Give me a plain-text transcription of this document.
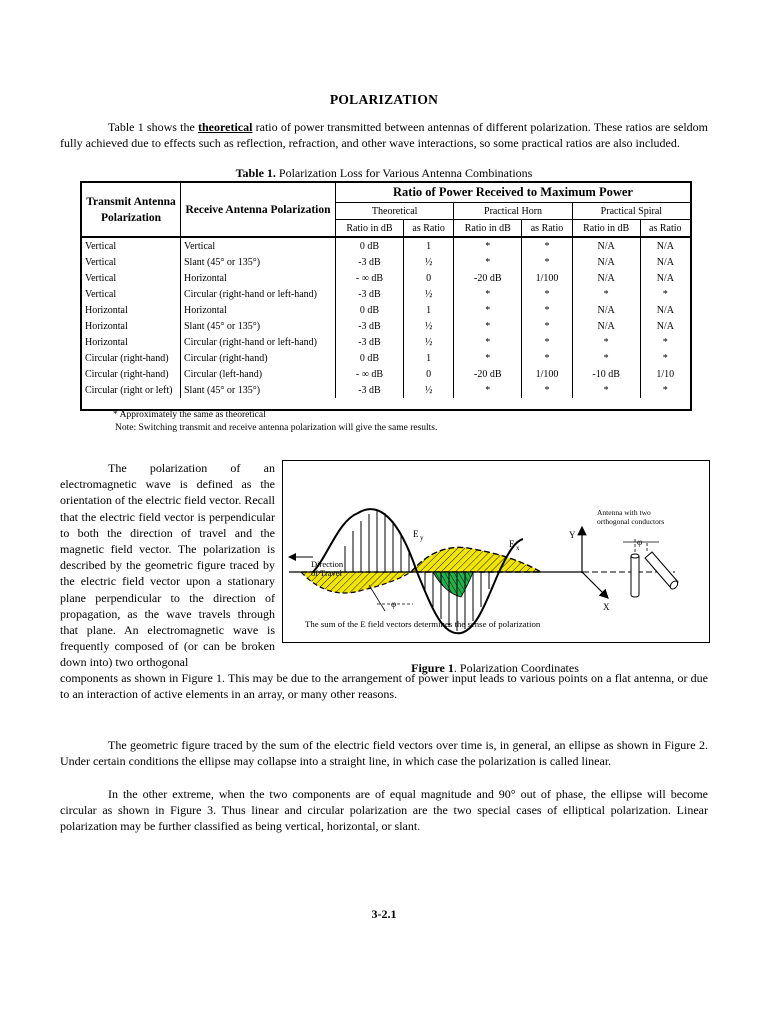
POLARIZATION

Table 1 shows the theoretical ratio of power transmitted between antennas of different polarization. These ratios are seldom fully achieved due to effects such as reflection, refraction, and other wave interactions, so some practical ratios are also included.

Table 1. Polarization Loss for Various Antenna Combinations
Transmit Antenna Polarization	Receive Antenna Polarization	Ratio of Power Received to Maximum Power					
		Theoretical		Practical Horn		Practical Spiral	
		Ratio in dB	as Ratio	Ratio in dB	as Ratio	Ratio in dB	as Ratio
Vertical	Vertical	0 dB	1	*	*	N/A	N/A
Vertical	Slant (45° or 135°)	-3 dB	½	*	*	N/A	N/A
Vertical	Horizontal	- ∞ dB	0	-20 dB	1/100	N/A	N/A
Vertical	Circular (right-hand or left-hand)	-3 dB	½	*	*	*	*
Horizontal	Horizontal	0 dB	1	*	*	N/A	N/A
Horizontal	Slant (45° or 135°)	-3 dB	½	*	*	N/A	N/A
Horizontal	Circular (right-hand or left-hand)	-3 dB	½	*	*	*	*
Circular (right-hand)	Circular (right-hand)	0 dB	1	*	*	*	*
Circular (right-hand)	Circular (left-hand)	- ∞ dB	0	-20 dB	1/100	-10 dB	1/10
Circular (right or left)	Slant (45° or 135°)	-3 dB	½	*	*	*	*
* Approximately the same as theoretical
Note: Switching transmit and receive antenna polarization will give the same results.

The polarization of an electromagnetic wave is defined as the orientation of the electric field vector. Recall that the electric field vector is perpendicular to both the direction of travel and the magnetic field vector. The polarization is described by the geometric figure traced by the electric field vector upon a stationary plane perpendicular to the direction of propagation, as the wave travels through that plane. An electromagnetic wave is frequently composed of (or can be broken down into) two orthogonal

Direction
of Travel
E y
E x
φ
Y
X
Antenna with two
orthogonal conductors
φ
The sum of the E field vectors determines the sense of polarization
Figure 1. Polarization Coordinates

components as shown in Figure 1. This may be due to the arrangement of power input leads to various points on a flat antenna, or due to an interaction of active elements in an array, or many other reasons.

The geometric figure traced by the sum of the electric field vectors over time is, in general, an ellipse as shown in Figure 2. Under certain conditions the ellipse may collapse into a straight line, in which case the polarization is called linear.

In the other extreme, when the two components are of equal magnitude and 90° out of phase, the ellipse will become circular as shown in Figure 3. Thus linear and circular polarization are the two special cases of elliptical polarization. Linear polarization may be further classified as being vertical, horizontal, or slant.

3-2.1
